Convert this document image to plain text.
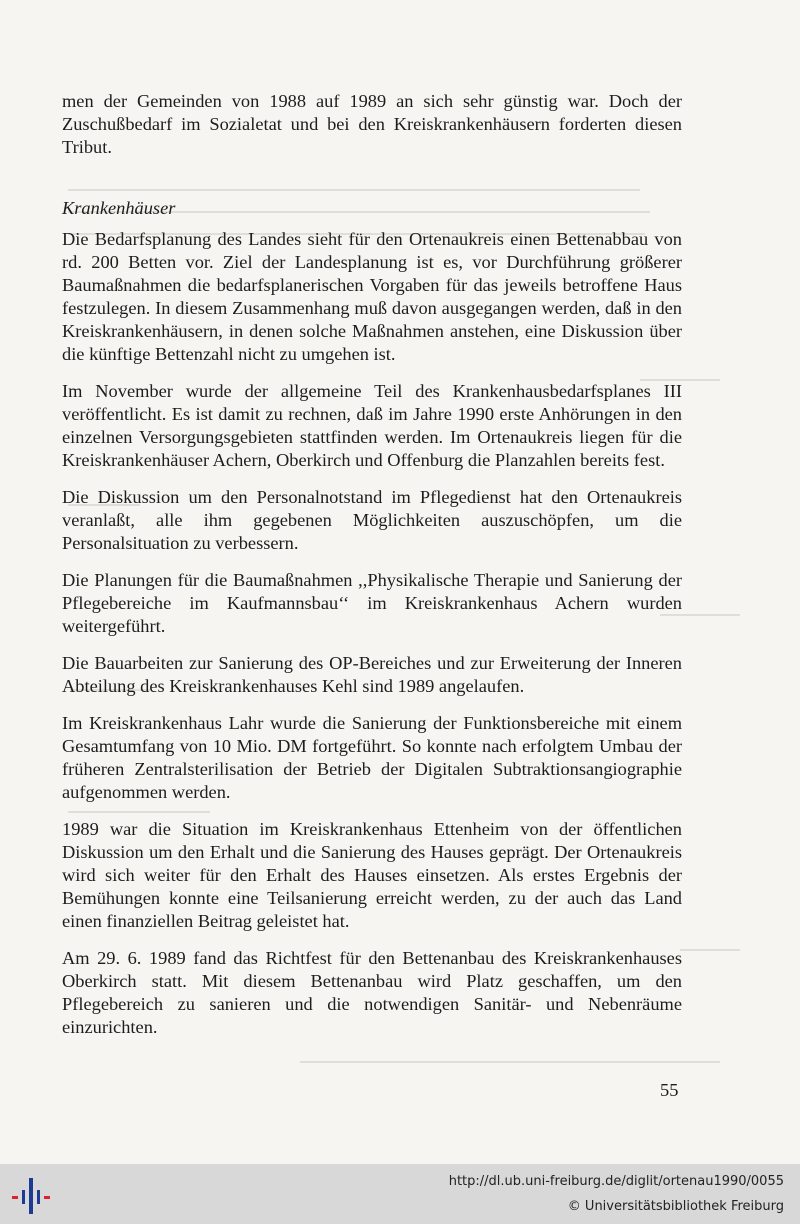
men der Gemeinden von 1988 auf 1989 an sich sehr günstig war. Doch der Zuschußbedarf im Sozialetat und bei den Kreiskrankenhäusern forderten diesen Tribut.

Krankenhäuser

Die Bedarfsplanung des Landes sieht für den Ortenaukreis einen Bettenabbau von rd. 200 Betten vor. Ziel der Landesplanung ist es, vor Durchführung größerer Baumaßnahmen die bedarfsplanerischen Vorgaben für das jeweils betroffene Haus festzulegen. In diesem Zusammenhang muß davon ausgegangen werden, daß in den Kreiskrankenhäusern, in denen solche Maßnahmen anstehen, eine Diskussion über die künftige Bettenzahl nicht zu umgehen ist.

Im November wurde der allgemeine Teil des Krankenhausbedarfsplanes III veröffentlicht. Es ist damit zu rechnen, daß im Jahre 1990 erste Anhörungen in den einzelnen Versorgungsgebieten stattfinden werden. Im Ortenaukreis liegen für die Kreiskrankenhäuser Achern, Oberkirch und Offenburg die Planzahlen bereits fest.

Die Diskussion um den Personalnotstand im Pflegedienst hat den Ortenaukreis veranlaßt, alle ihm gegebenen Möglichkeiten auszuschöpfen, um die Personalsituation zu verbessern.

Die Planungen für die Baumaßnahmen ,,Physikalische Therapie und Sanierung der Pflegebereiche im Kaufmannsbau‘‘ im Kreiskrankenhaus Achern wurden weitergeführt.

Die Bauarbeiten zur Sanierung des OP-Bereiches und zur Erweiterung der Inneren Abteilung des Kreiskrankenhauses Kehl sind 1989 angelaufen.

Im Kreiskrankenhaus Lahr wurde die Sanierung der Funktionsbereiche mit einem Gesamtumfang von 10 Mio. DM fortgeführt. So konnte nach erfolgtem Umbau der früheren Zentralsterilisation der Betrieb der Digitalen Subtraktionsangiographie aufgenommen werden.

1989 war die Situation im Kreiskrankenhaus Ettenheim von der öffentlichen Diskussion um den Erhalt und die Sanierung des Hauses geprägt. Der Ortenaukreis wird sich weiter für den Erhalt des Hauses einsetzen. Als erstes Ergebnis der Bemühungen konnte eine Teilsanierung erreicht werden, zu der auch das Land einen finanziellen Beitrag geleistet hat.

Am 29. 6. 1989 fand das Richtfest für den Bettenanbau des Kreiskrankenhauses Oberkirch statt. Mit diesem Bettenanbau wird Platz geschaffen, um den Pflegebereich zu sanieren und die notwendigen Sanitär- und Nebenräume einzurichten.

55
http://dl.ub.uni-freiburg.de/diglit/ortenau1990/0055
© Universitätsbibliothek Freiburg
